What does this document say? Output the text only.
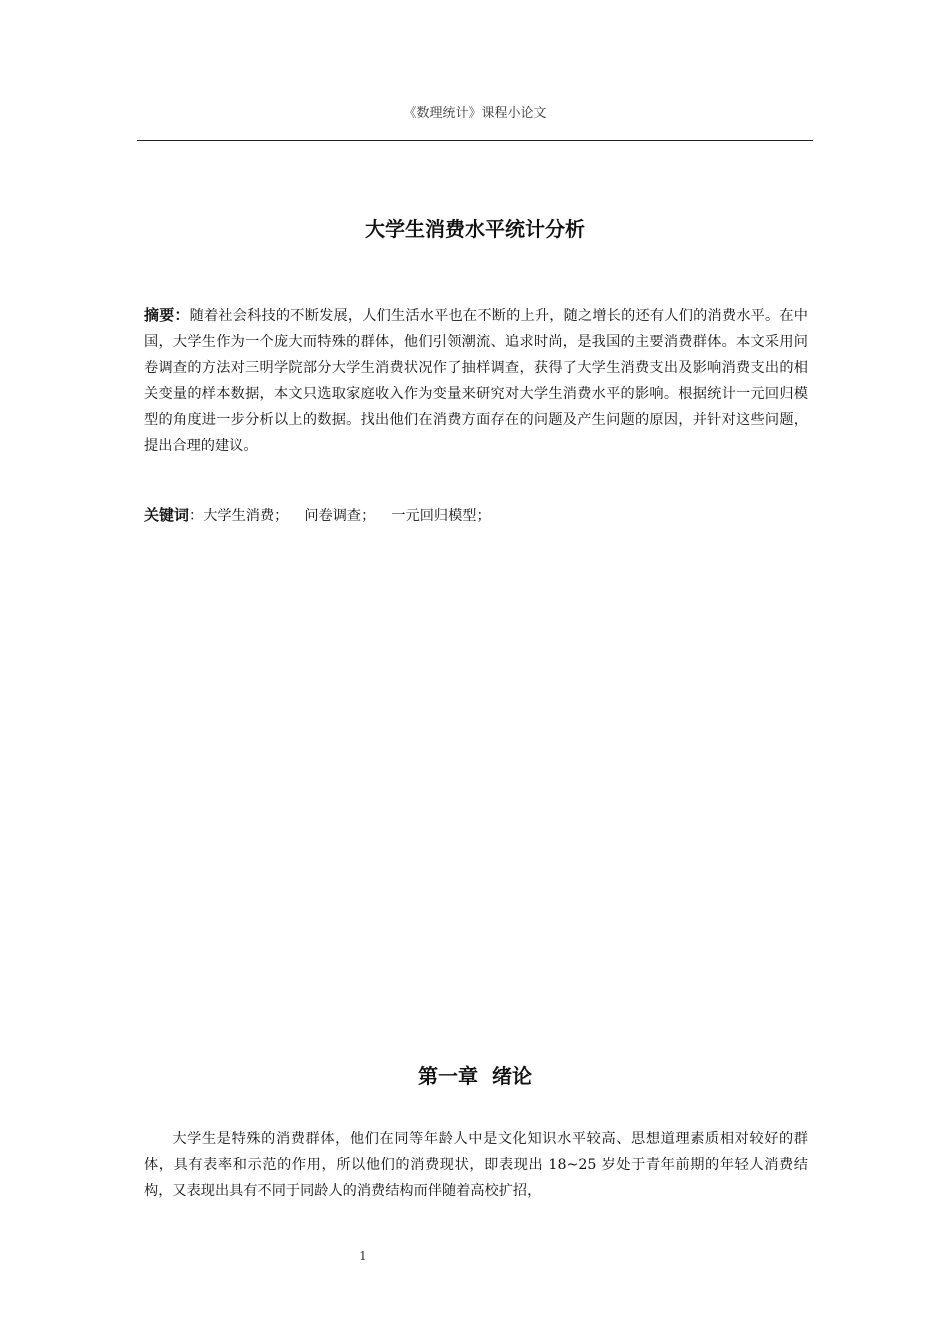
《数理统计》课程小论文
大学生消费水平统计分析

摘要：随着社会科技的不断发展，人们生活水平也在不断的上升，随之增长的还有人们的消费水平。在中国，大学生作为一个庞大而特殊的群体，他们引领潮流、追求时尚，是我国的主要消费群体。本文采用问卷调查的方法对三明学院部分大学生消费状况作了抽样调查，获得了大学生消费支出及影响消费支出的相关变量的样本数据，本文只选取家庭收入作为变量来研究对大学生消费水平的影响。根据统计一元回归模型的角度进一步分析以上的数据。找出他们在消费方面存在的问题及产生问题的原因，并针对这些问题，提出合理的建议。

关键词：大学生消费； 问卷调查； 一元回归模型；

第一章  绪论

大学生是特殊的消费群体，他们在同等年龄人中是文化知识水平较高、思想道理素质相对较好的群体，具有表率和示范的作用，所以他们的消费现状，即表现出 18~25 岁处于青年前期的年轻人消费结构，又表现出具有不同于同龄人的消费结构而伴随着高校扩招，

1
